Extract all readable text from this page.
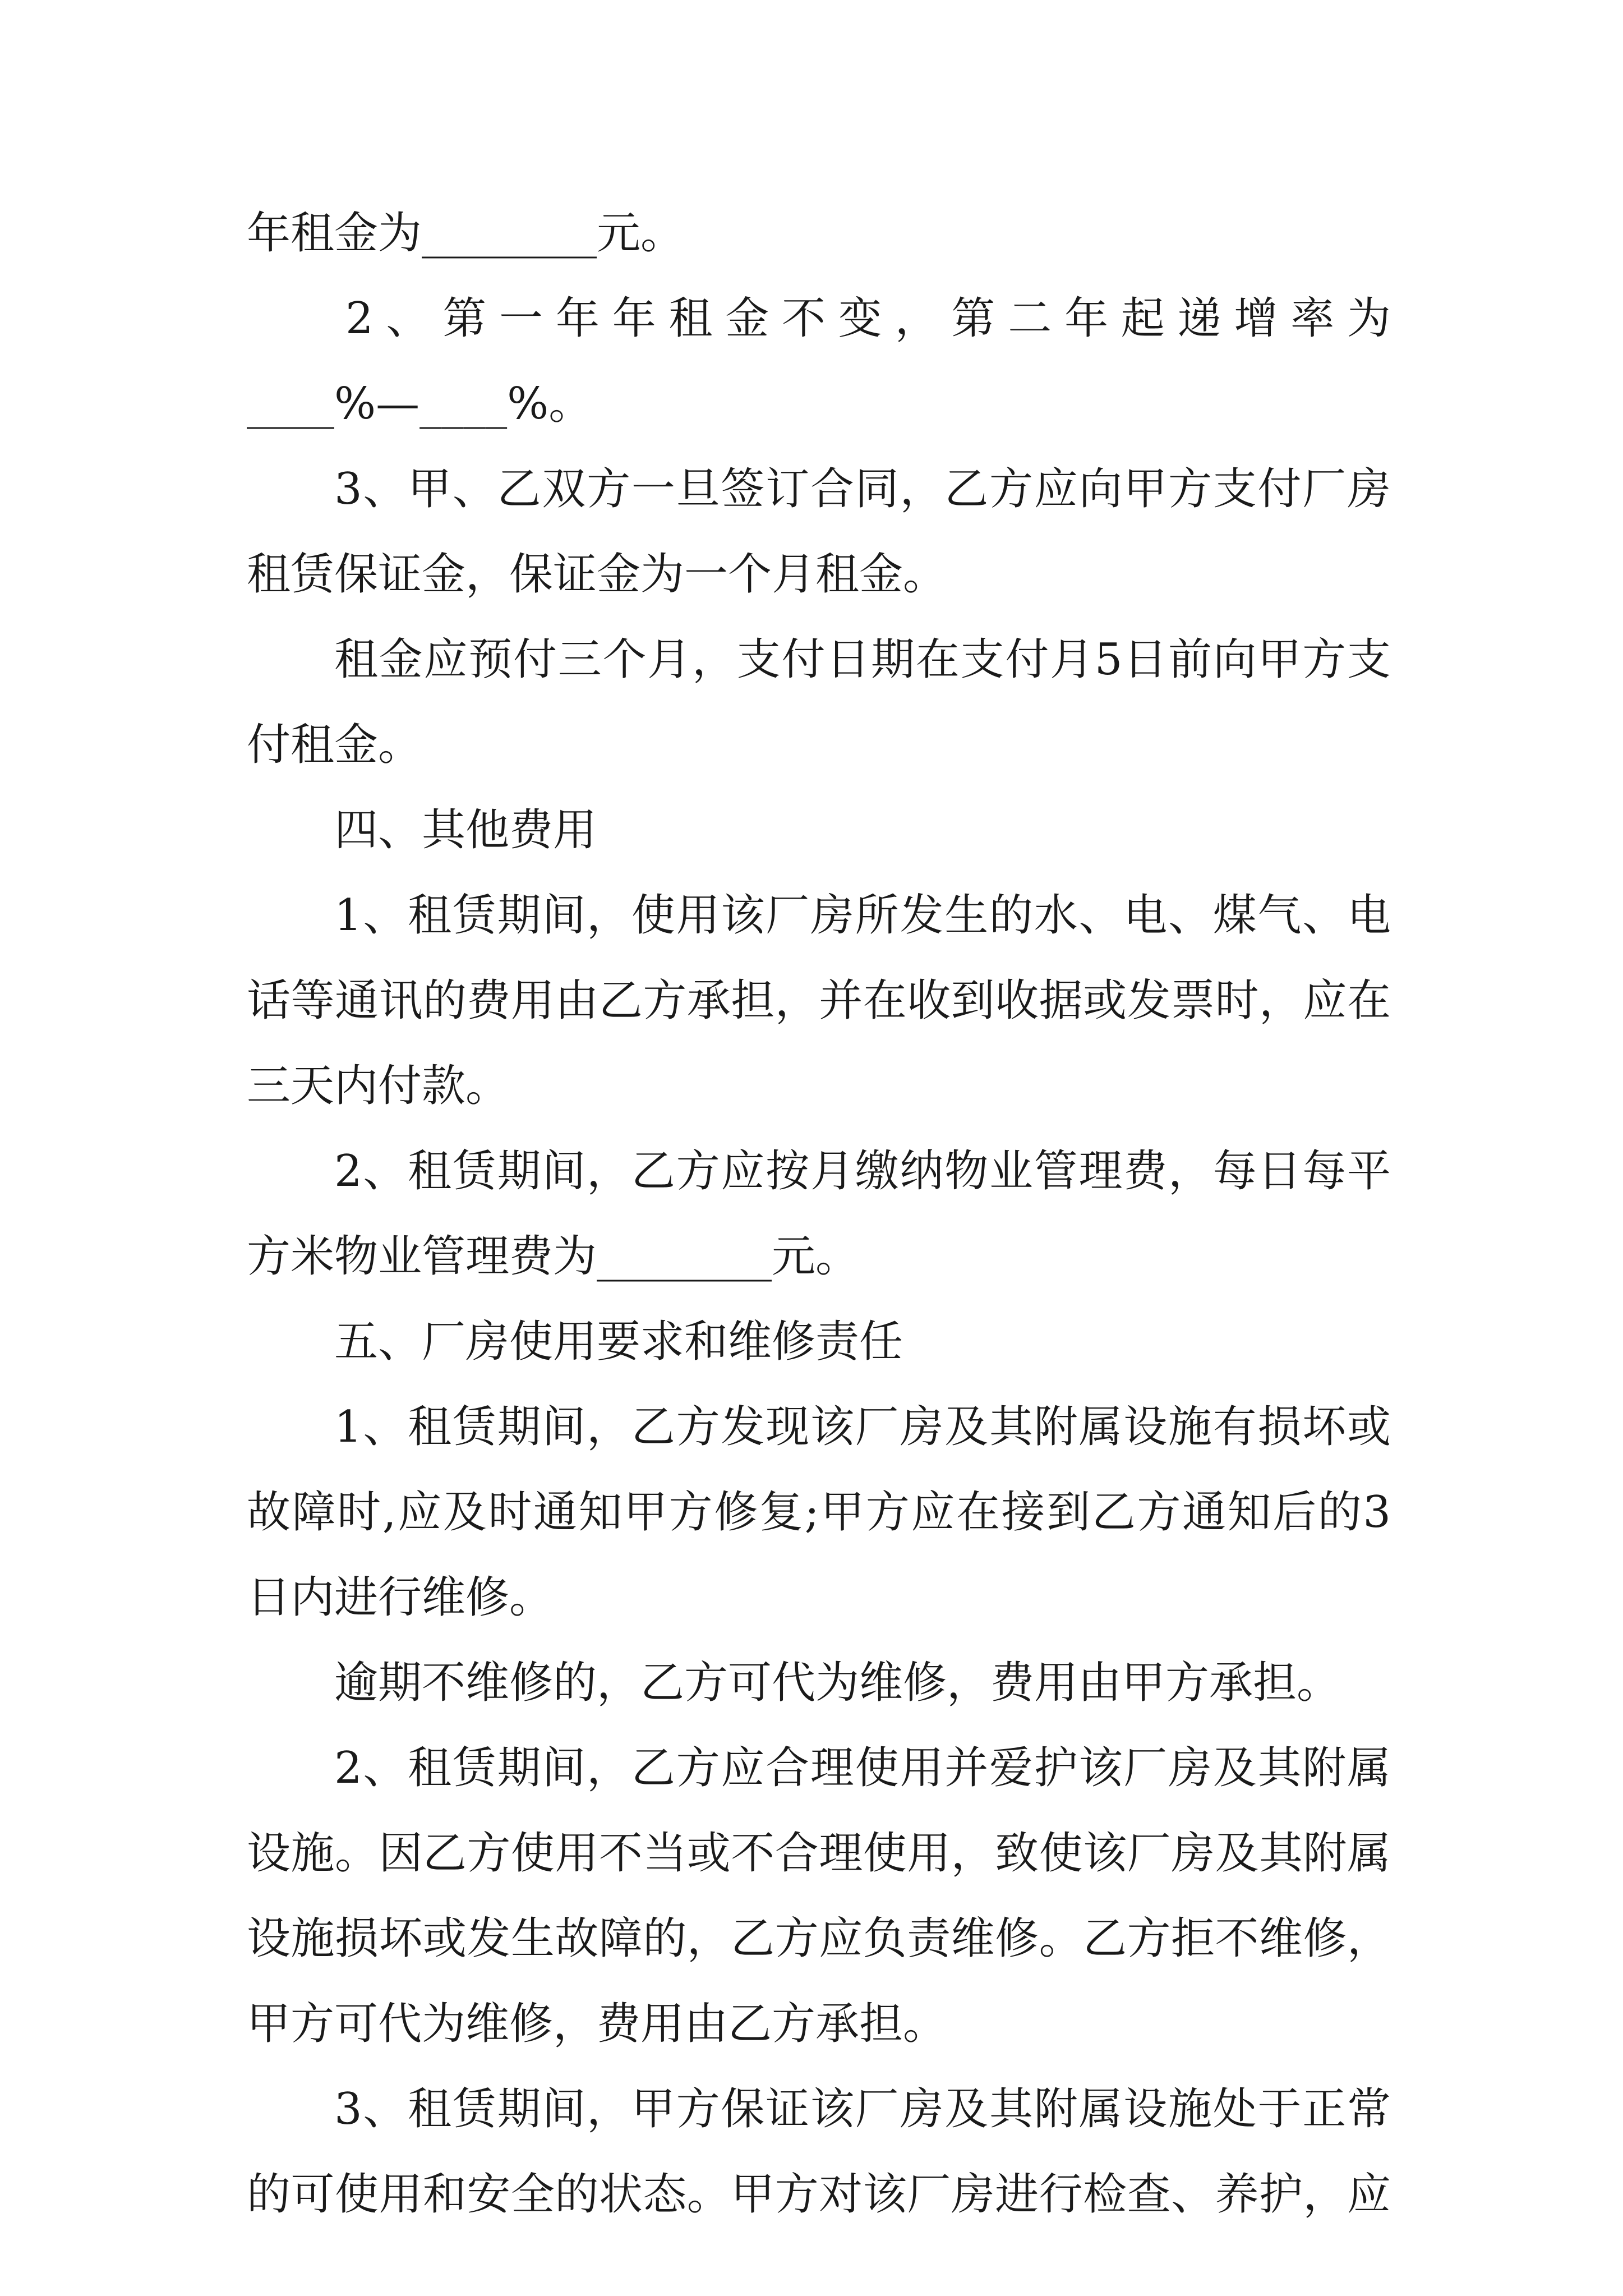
年租金为________元。
2、第一年年租金不变，第二年起递增率为
____%—____%。
3、甲、乙双方一旦签订合同，乙方应向甲方支付厂房
租赁保证金，保证金为一个月租金。
租金应预付三个月，支付日期在支付月5日前向甲方支
付租金。
四、其他费用
1、租赁期间，使用该厂房所发生的水、电、煤气、电
话等通讯的费用由乙方承担，并在收到收据或发票时，应在
三天内付款。
2、租赁期间，乙方应按月缴纳物业管理费，每日每平
方米物业管理费为________元。
五、厂房使用要求和维修责任
1、租赁期间，乙方发现该厂房及其附属设施有损坏或
故障时,应及时通知甲方修复;甲方应在接到乙方通知后的3
日内进行维修。
逾期不维修的，乙方可代为维修，费用由甲方承担。
2、租赁期间，乙方应合理使用并爱护该厂房及其附属
设施。因乙方使用不当或不合理使用，致使该厂房及其附属
设施损坏或发生故障的，乙方应负责维修。乙方拒不维修，
甲方可代为维修，费用由乙方承担。
3、租赁期间，甲方保证该厂房及其附属设施处于正常
的可使用和安全的状态。甲方对该厂房进行检查、养护，应
